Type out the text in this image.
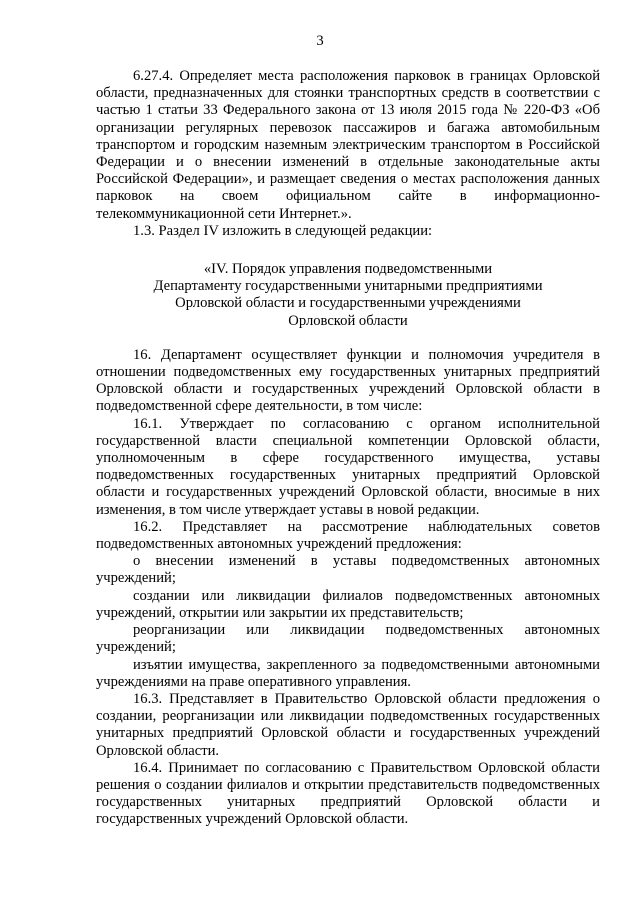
3

6.27.4. Определяет места расположения парковок в границах Орловской области, предназначенных для стоянки транспортных средств в соответствии с частью 1 статьи 33 Федерального закона от 13 июля 2015 года № 220-ФЗ «Об организации регулярных перевозок пассажиров и багажа автомобильным транспортом и городским наземным электрическим транспортом в Российской Федерации и о внесении изменений в отдельные законодательные акты Российской Федерации», и размещает сведения о местах расположения данных парковок на своем официальном сайте в информационно-телекоммуникационной сети Интернет.».

1.3. Раздел IV изложить в следующей редакции:

«IV. Порядок управления подведомственными

Департаменту государственными унитарными предприятиями

Орловской области и государственными учреждениями

Орловской области

16. Департамент осуществляет функции и полномочия учредителя в отношении подведомственных ему государственных унитарных предприятий Орловской области и государственных учреждений Орловской области в подведомственной сфере деятельности, в том числе:

16.1. Утверждает по согласованию с органом исполнительной государственной власти специальной компетенции Орловской области, уполномоченным в сфере государственного имущества, уставы подведомственных государственных унитарных предприятий Орловской области и государственных учреждений Орловской области, вносимые в них изменения, в том числе утверждает уставы в новой редакции.

16.2. Представляет на рассмотрение наблюдательных советов подведомственных автономных учреждений предложения:

о внесении изменений в уставы подведомственных автономных учреждений;

создании или ликвидации филиалов подведомственных автономных учреждений, открытии или закрытии их представительств;

реорганизации или ликвидации подведомственных автономных учреждений;

изъятии имущества, закрепленного за подведомственными автономными учреждениями на праве оперативного управления.

16.3. Представляет в Правительство Орловской области предложения о создании, реорганизации или ликвидации подведомственных государственных унитарных предприятий Орловской области и государственных учреждений Орловской области.

16.4. Принимает по согласованию с Правительством Орловской области решения о создании филиалов и открытии представительств подведомственных государственных унитарных предприятий Орловской области и государственных учреждений Орловской области.
